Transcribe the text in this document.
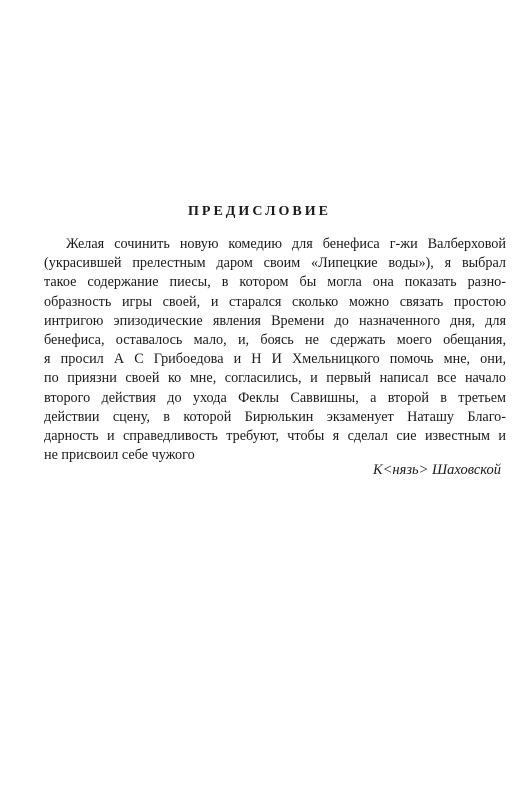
ПРЕДИСЛОВИЕ
Желая сочинить новую комедию для бенефиса г-жи Валберховой
(украсившей прелестным даром своим «Липецкие воды»), я выбрал
такое содержание пиесы, в котором бы могла она показать разно-
образность игры своей, и старался сколько можно связать простою
интригою эпизодические явления Времени до назначенного дня, для
бенефиса, оставалось мало, и, боясь не сдержать моего обещания,
я просил А С Грибоедова и Н И Хмельницкого помочь мне, они,
по приязни своей ко мне, согласились, и первый написал все начало
второго действия до ухода Феклы Саввишны, а второй в третьем
действии сцену, в которой Бирюлькин экзаменует Наташу Благо-
дарность и справедливость требуют, чтобы я сделал сие известным и
не присвоил себе чужого
К<нязь> Шаховской
